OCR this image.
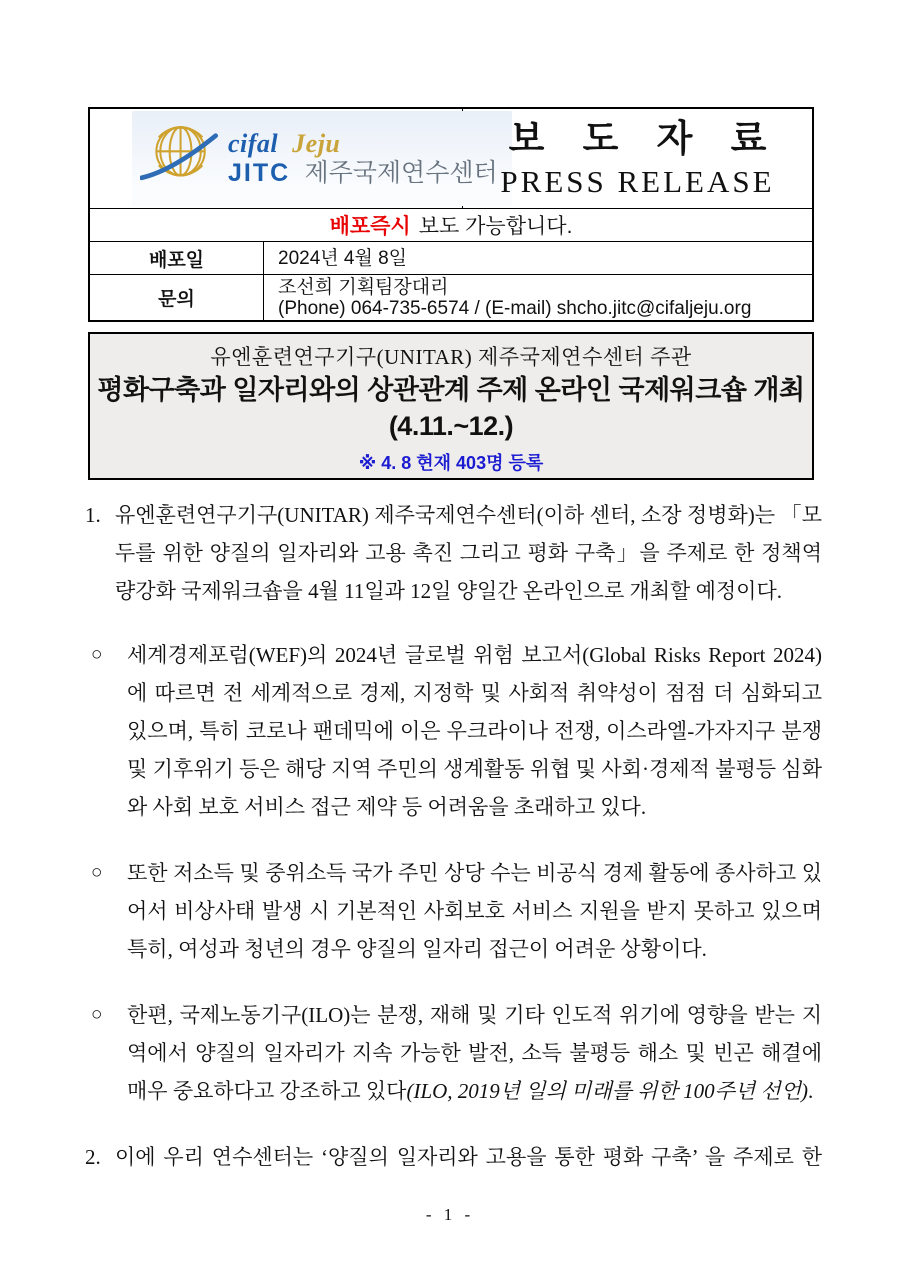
cifal Jeju
JITC 제주국제연수센터
보 도 자 료
PRESS RELEASE
배포즉시 보도 가능합니다.
배포일	2024년 4월 8일
문의
조선희 기획팀장대리
(Phone) 064-735-6574 / (E-mail) shcho.jitc@cifaljeju.org
유엔훈련연구기구(UNITAR) 제주국제연수센터 주관
평화구축과 일자리와의 상관관계 주제 온라인 국제워크숍 개최
(4.11.~12.)
※ 4. 8 현재 403명 등록
1. 유엔훈련연구기구(UNITAR) 제주국제연수센터(이하 센터, 소장 정병화)는 「모두를 위한 양질의 일자리와 고용 촉진 그리고 평화 구축」을 주제로 한 정책역량강화 국제워크숍을 4월 11일과 12일 양일간 온라인으로 개최할 예정이다.
○ 세계경제포럼(WEF)의 2024년 글로벌 위험 보고서(Global Risks Report 2024)에 따르면 전 세계적으로 경제, 지정학 및 사회적 취약성이 점점 더 심화되고 있으며, 특히 코로나 팬데믹에 이은 우크라이나 전쟁, 이스라엘-가자지구 분쟁 및 기후위기 등은 해당 지역 주민의 생계활동 위협 및 사회·경제적 불평등 심화와 사회 보호 서비스 접근 제약 등 어려움을 초래하고 있다.
○ 또한 저소득 및 중위소득 국가 주민 상당 수는 비공식 경제 활동에 종사하고 있어서 비상사태 발생 시 기본적인 사회보호 서비스 지원을 받지 못하고 있으며 특히, 여성과 청년의 경우 양질의 일자리 접근이 어려운 상황이다.
○ 한편, 국제노동기구(ILO)는 분쟁, 재해 및 기타 인도적 위기에 영향을 받는 지역에서 양질의 일자리가 지속 가능한 발전, 소득 불평등 해소 및 빈곤 해결에 매우 중요하다고 강조하고 있다(ILO, 2019년 일의 미래를 위한 100주년 선언).
2. 이에 우리 연수센터는 ‘양질의 일자리와 고용을 통한 평화 구축’ 을 주제로 한
- 1 -
